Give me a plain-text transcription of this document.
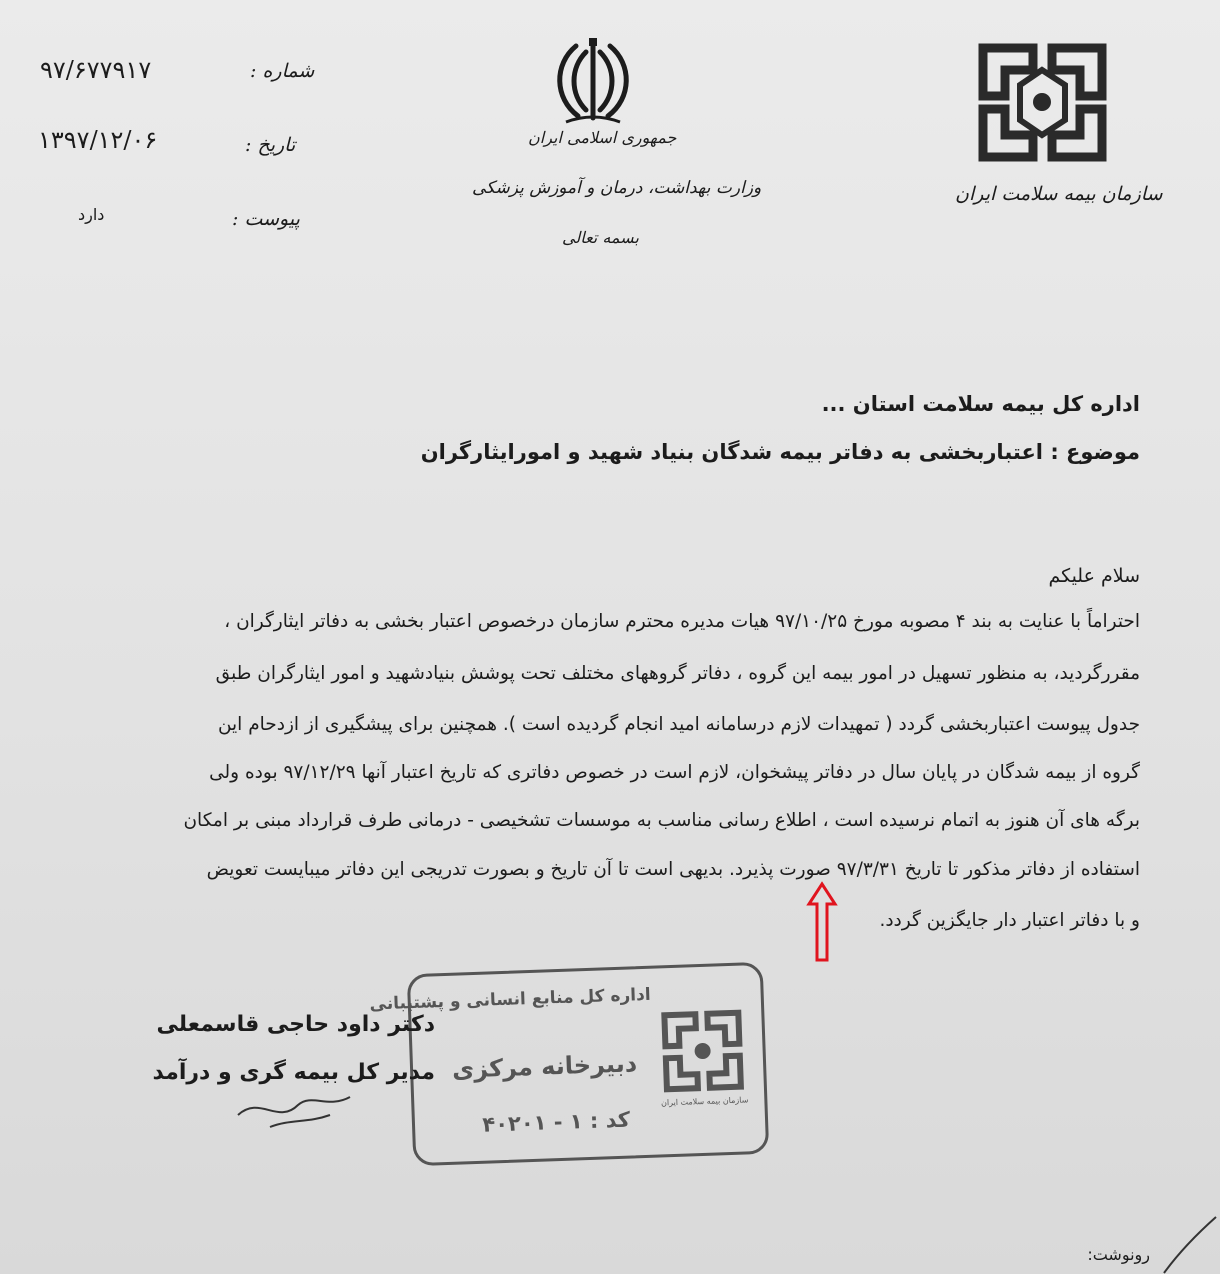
۹۷/۶۷۷۹۱۷	شماره :
۱۳۹۷/۱۲/۰۶	تاریخ :
دارد	پیوست :
جمهوری اسلامی ایران
وزارت بهداشت، درمان و آموزش پزشکی
بسمه تعالی
سازمان بیمه سلامت ایران
اداره کل بیمه سلامت استان ...
موضوع : اعتباربخشی به دفاتر بیمه شدگان بنیاد شهید و امورایثارگران
سلام علیکم
احتراماً با عنایت به بند ۴ مصوبه مورخ ۹۷/۱۰/۲۵ هیات مدیره محترم سازمان درخصوص اعتبار بخشی به دفاتر ایثارگران ،
مقررگردید، به منظور تسهیل در امور بیمه این گروه ، دفاتر گروههای مختلف تحت پوشش بنیادشهید و امور ایثارگران طبق
جدول پیوست اعتباربخشی گردد ( تمهیدات لازم درسامانه امید انجام گردیده است ). همچنین برای پیشگیری از ازدحام این
گروه از بیمه شدگان در پایان سال در دفاتر پیشخوان، لازم است در خصوص دفاتری که تاریخ اعتبار آنها ۹۷/۱۲/۲۹ بوده ولی
برگه های آن هنوز به اتمام نرسیده است ، اطلاع رسانی مناسب به موسسات تشخیصی - درمانی طرف قرارداد مبنی بر امکان
استفاده از دفاتر مذکور تا تاریخ ۹۷/۳/۳۱ صورت پذیرد. بدیهی است تا آن تاریخ و بصورت تدریجی این دفاتر میبایست تعویض
و با دفاتر اعتبار دار جایگزین گردد.
اداره کل منابع انسانی و پشتیبانی
دبیرخانه مرکزی
کد : ۱ - ۴۰۲۰۱
سازمان بیمه سلامت ایران
دکتر داود حاجی قاسمعلی
مدیر کل بیمه گری و درآمد
رونوشت:
